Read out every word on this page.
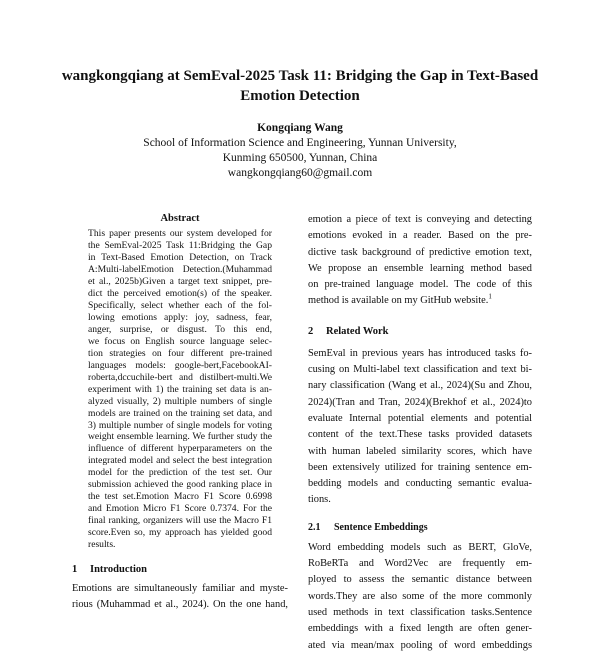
wangkongqiang at SemEval-2025 Task 11: Bridging the Gap in Text-Based
Emotion Detection
Kongqiang Wang
School of Information Science and Engineering, Yunnan University,
Kunming 650500, Yunnan, China
wangkongqiang60@gmail.com
Abstract
This paper presents our system developed for
the SemEval-2025 Task 11:Bridging the Gap
in Text-Based Emotion Detection, on Track
A:Multi-labelEmotion Detection.(Muhammad
et al., 2025b)Given a target text snippet, pre-
dict the perceived emotion(s) of the speaker.
Specifically, select whether each of the fol-
lowing emotions apply: joy, sadness, fear,
anger, surprise, or disgust. To this end,
we focus on English source language selec-
tion strategies on four different pre-trained
languages models: google-bert,FacebookAI-
roberta,dccuchile-bert and distilbert-multi.We
experiment with 1) the training set data is an-
alyzed visually, 2) multiple numbers of single
models are trained on the training set data, and
3) multiple number of single models for voting
weight ensemble learning. We further study the
influence of different hyperparameters on the
integrated model and select the best integration
model for the prediction of the test set. Our
submission achieved the good ranking place in
the test set.Emotion Macro F1 Score 0.6998
and Emotion Micro F1 Score 0.7374. For the
final ranking, organizers will use the Macro F1
score.Even so, my approach has yielded good
results.
1 Introduction
Emotions are simultaneously familiar and myste-
rious (Muhammad et al., 2024). On the one hand,
emotion a piece of text is conveying and detecting
emotions evoked in a reader. Based on the pre-
dictive task background of predictive emotion text,
We propose an ensemble learning method based
on pre-trained language model. The code of this
method is available on my GitHub website.$^1$
2 Related Work
SemEval in previous years has introduced tasks fo-
cusing on Multi-label text classification and text bi-
nary classification (Wang et al., 2024)(Su and Zhou,
2024)(Tran and Tran, 2024)(Brekhof et al., 2024)to
evaluate Internal potential elements and potential
content of the text.These tasks provided datasets
with human labeled similarity scores, which have
been extensively utilized for training sentence em-
bedding models and conducting semantic evalua-
tions.
2.1 Sentence Embeddings
Word embedding models such as BERT, GloVe,
RoBeRTa and Word2Vec are frequently em-
ployed to assess the semantic distance between
words.They are also some of the more commonly
used methods in text classification tasks.Sentence
embeddings with a fixed length are often gener-
ated via mean/max pooling of word embeddings
